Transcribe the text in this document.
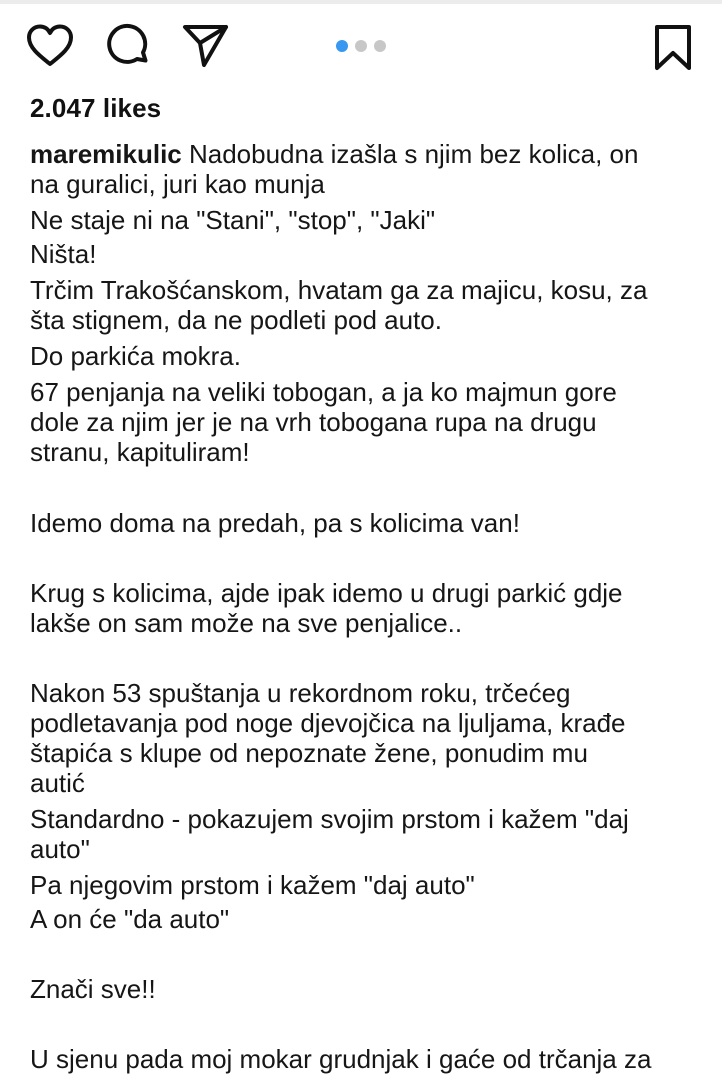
2.047 likes
maremikulic Nadobudna izašla s njim bez kolica, on
na guralici, juri kao munja
Ne staje ni na "Stani", "stop", "Jaki"
Ništa!
Trčim Trakošćanskom, hvatam ga za majicu, kosu, za
šta stignem, da ne podleti pod auto.
Do parkića mokra.
67 penjanja na veliki tobogan, a ja ko majmun gore
dole za njim jer je na vrh tobogana rupa na drugu
stranu, kapituliram!
Idemo doma na predah, pa s kolicima van!
Krug s kolicima, ajde ipak idemo u drugi parkić gdje
lakše on sam može na sve penjalice..
Nakon 53 spuštanja u rekordnom roku, trčećeg
podletavanja pod noge djevojčica na ljuljama, krađe
štapića s klupe od nepoznate žene, ponudim mu
autić
Standardno - pokazujem svojim prstom i kažem "daj
auto"
Pa njegovim prstom i kažem "daj auto"
A on će "da auto"
Znači sve!!
U sjenu pada moj mokar grudnjak i gaće od trčanja za
